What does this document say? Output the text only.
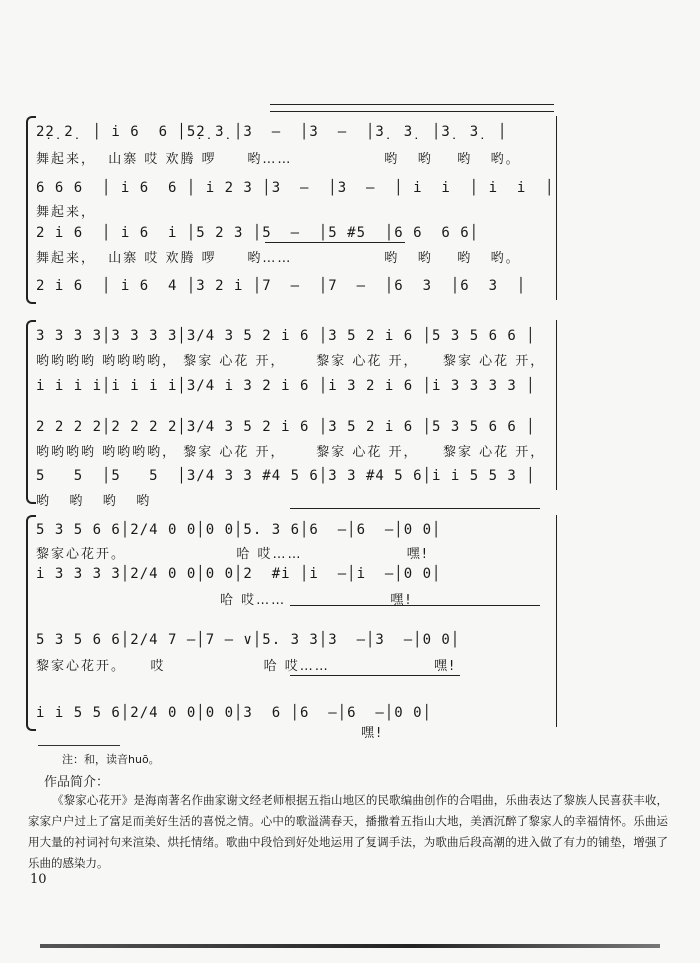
2̣2̣ 2̣  │ i 6  6 │5̣2̣ 3̣ │3  –  │3  –  │3̣  3̣  │3̣  3̣  │
舞起来，  山寨 哎 欢腾 啰     哟……               哟   哟    哟   哟。
6 6 6  │ i 6  6 │ i 2 3 │3  –  │3  –  │ i  i  │ i  i  │
舞起来，
2 i 6  │ i 6  i │5 2 3 │5  –  │5 #5  │6 6  6 6│
舞起来，  山寨 哎 欢腾 啰     哟……               哟   哟    哟   哟。
2 i 6  │ i 6  4 │3 2 i │7  –  │7  –  │6  3  │6  3  │
3 3 3 3│3 3 3 3│3/4 3 5 2 i 6 │3 5 2 i 6 │5 3 5 6 6 │
哟哟哟哟 哟哟哟哟， 黎家 心花 开，     黎家 心花 开，    黎家 心花 开，
i i i i│i i i i│3/4 i 3 2 i 6 │i 3 2 i 6 │i 3 3 3 3 │
2 2 2 2│2 2 2 2│3/4 3 5 2 i 6 │3 5 2 i 6 │5 3 5 6 6 │
哟哟哟哟 哟哟哟哟， 黎家 心花 开，     黎家 心花 开，    黎家 心花 开，
5   5  │5   5  │3/4 3 3 #4 5 6│3 3 #4 5 6│i i 5 5 3 │
哟   哟   哟   哟
5 3 5 6 6│2/4 0 0│0 0│5. 3 6│6  –│6  –│0 0│
黎家心花开。                  哈 哎……                 嘿!
i 3 3 3 3│2/4 0 0│0 0│2  #i │i  –│i  –│0 0│
哈 哎……                 嘿!
5 3 5 6 6│2/4 7 –│7 – ∨│5. 3 3│3  –│3  –│0 0│
黎家心花开。    哎                哈 哎……                 嘿!
i i 5 5 6│2/4 0 0│0 0│3  6 │6  –│6  –│0 0│
嘿!
注：和，读音huō。
作品简介：
《黎家心花开》是海南著名作曲家谢文经老师根据五指山地区的民歌编曲创作的合唱曲，乐曲表达了黎族人民喜获丰收，家家户户过上了富足而美好生活的喜悦之情。心中的歌溢满春天，播撒着五指山大地，美酒沉醉了黎家人的幸福情怀。乐曲运用大量的衬词衬句来渲染、烘托情绪。歌曲中段恰到好处地运用了复调手法，为歌曲后段高潮的进入做了有力的铺垫，增强了乐曲的感染力。
10
